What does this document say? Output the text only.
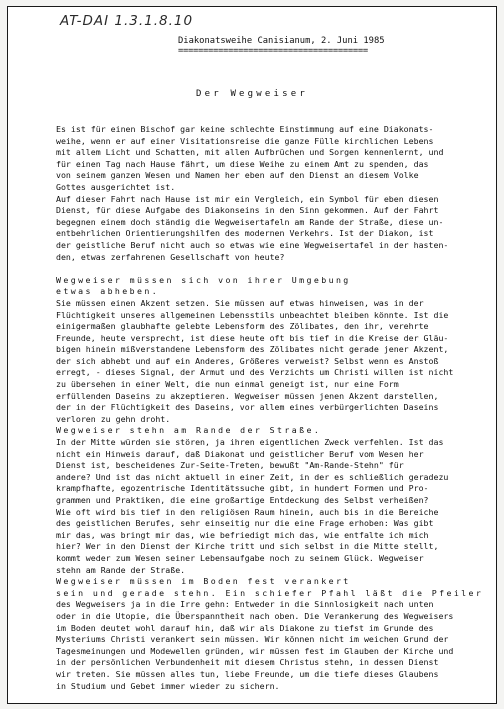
AT-DAI 1.3.1.8.10
Diakonatsweihe Canisianum, 2. Juni 1985
======================================
Der Wegweiser
Es ist für einen Bischof gar keine schlechte Einstimmung auf eine Diakonats-
weihe, wenn er auf einer Visitationsreise die ganze Fülle kirchlichen Lebens
mit allem Licht und Schatten, mit allen Aufbrüchen und Sorgen kennenlernt, und
für einen Tag nach Hause fährt, um diese Weihe zu einem Amt zu spenden, das
von seinem ganzen Wesen und Namen her eben auf den Dienst an diesem Volke
Gottes ausgerichtet ist.
Auf dieser Fahrt nach Hause ist mir ein Vergleich, ein Symbol für eben diesen
Dienst, für diese Aufgabe des Diakonseins in den Sinn gekommen. Auf der Fahrt
begegnen einem doch ständig die Wegweisertafeln am Rande der Straße, diese un-
entbehrlichen Orientierungshilfen des modernen Verkehrs. Ist der Diakon, ist
der geistliche Beruf nicht auch so etwas wie eine Wegweisertafel in der hasten-
den, etwas zerfahrenen Gesellschaft von heute?
Wegweiser müssen sich von ihrer Umgebung
etwas abheben.
Sie müssen einen Akzent setzen. Sie müssen auf etwas hinweisen, was in der
Flüchtigkeit unseres allgemeinen Lebensstils unbeachtet bleiben könnte. Ist die
einigermaßen glaubhafte gelebte Lebensform des Zölibates, den ihr, verehrte
Freunde, heute versprecht, ist diese heute oft bis tief in die Kreise der Gläu-
bigen hinein mißverstandene Lebensform des Zölibates nicht gerade jener Akzent,
der sich abhebt und auf ein Anderes, Größeres verweist? Selbst wenn es Anstoß
erregt, - dieses Signal, der Armut und des Verzichts um Christi willen ist nicht
zu übersehen in einer Welt, die nun einmal geneigt ist, nur eine Form
erfüllenden Daseins zu akzeptieren. Wegweiser müssen jenen Akzent darstellen,
der in der Flüchtigkeit des Daseins, vor allem eines verbürgerlichten Daseins
verloren zu gehn droht.
Wegweiser stehn am Rande der Straße.
In der Mitte würden sie stören, ja ihren eigentlichen Zweck verfehlen. Ist das
nicht ein Hinweis darauf, daß Diakonat und geistlicher Beruf vom Wesen her
Dienst ist, bescheidenes Zur-Seite-Treten, bewußt "Am-Rande-Stehn" für
andere? Und ist das nicht aktuell in einer Zeit, in der es schließlich geradezu
krampfhafte, egozentrische Identitätssuche gibt, in hundert Formen und Pro-
grammen und Praktiken, die eine großartige Entdeckung des Selbst verheißen?
Wie oft wird bis tief in den religiösen Raum hinein, auch bis in die Bereiche
des geistlichen Berufes, sehr einseitig nur die eine Frage erhoben: Was gibt
mir das, was bringt mir das, wie befriedigt mich das, wie entfalte ich mich
hier? Wer in den Dienst der Kirche tritt und sich selbst in die Mitte stellt,
kommt weder zum Wesen seiner Lebensaufgabe noch zu seinem Glück. Wegweiser
stehn am Rande der Straße.
Wegweiser müssen im Boden fest verankert
sein und gerade stehn. Ein schiefer Pfahl läßt die Pfeiler
des Wegweisers ja in die Irre gehn: Entweder in die Sinnlosigkeit nach unten
oder in die Utopie, die Überspanntheit nach oben. Die Verankerung des Wegweisers
im Boden deutet wohl darauf hin, daß wir als Diakone zu tiefst im Grunde des
Mysteriums Christi verankert sein müssen. Wir können nicht im weichen Grund der
Tagesmeinungen und Modewellen gründen, wir müssen fest im Glauben der Kirche und
in der persönlichen Verbundenheit mit diesem Christus stehn, in dessen Dienst
wir treten. Sie müssen alles tun, liebe Freunde, um die tiefe dieses Glaubens
in Studium und Gebet immer wieder zu sichern.
